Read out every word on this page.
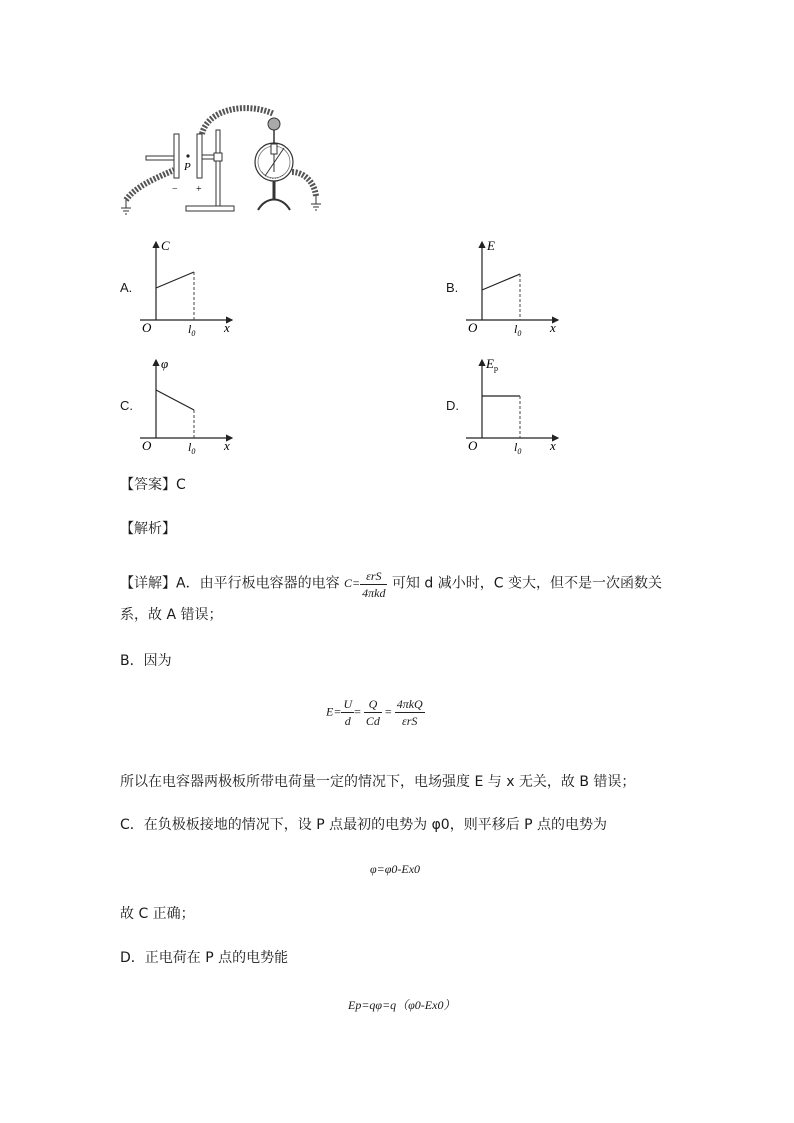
P
− +
A.
C
O	x
$l_0$
B.
E
O	x
$l_0$
C.
φ
O	x
$l_0$
D.
$E_p$
O	x
$l_0$
【答案】C
【解析】
【详解】A．由平行板电容器的电容 $C= \frac{\text{εrS}}{\text{4πkd}}$ 可知 d 减小时，C 变大，但不是一次函数关
系，故 A 错误；
B．因为
$E= \frac{U}{d} = \frac{Q}{Cd} = \frac{\text{4πkQ}}{\text{εrS}}$
所以在电容器两极板所带电荷量一定的情况下，电场强度 E 与 x 无关，故 B 错误；
C．在负极板接地的情况下，设 P 点最初的电势为 φ0，则平移后 P 点的电势为
φ=φ0-Ex0
故 C 正确；
D．正电荷在 P 点的电势能
Ep=qφ=q（φ0-Ex0）
